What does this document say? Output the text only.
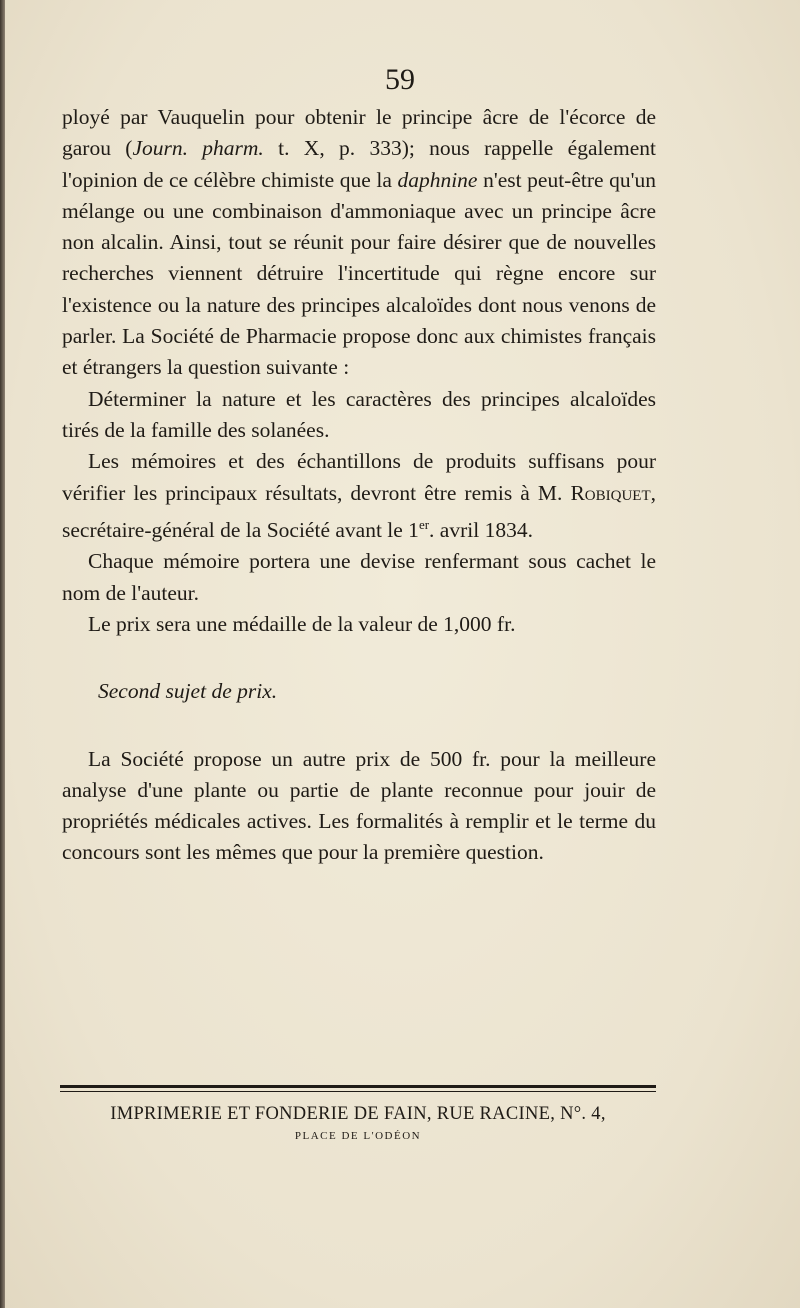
59

ployé par Vauquelin pour obtenir le principe âcre de l'écorce de garou (Journ. pharm. t. X, p. 333); nous rappelle également l'opinion de ce célèbre chimiste que la daphnine n'est peut-être qu'un mélange ou une combinaison d'ammoniaque avec un principe âcre non alcalin. Ainsi, tout se réunit pour faire désirer que de nouvelles recherches viennent détruire l'incertitude qui règne encore sur l'existence ou la nature des principes alcaloïdes dont nous venons de parler. La Société de Pharmacie propose donc aux chimistes français et étrangers la question suivante :

Déterminer la nature et les caractères des principes alcaloïdes tirés de la famille des solanées.

Les mémoires et des échantillons de produits suffisans pour vérifier les principaux résultats, devront être remis à M. Robiquet, secrétaire-général de la Société avant le 1er. avril 1834.

Chaque mémoire portera une devise renfermant sous cachet le nom de l'auteur.

Le prix sera une médaille de la valeur de 1,000 fr.

Second sujet de prix.

La Société propose un autre prix de 500 fr. pour la meilleure analyse d'une plante ou partie de plante reconnue pour jouir de propriétés médicales actives. Les formalités à remplir et le terme du concours sont les mêmes que pour la première question.

IMPRIMERIE ET FONDERIE DE FAIN, RUE RACINE, N°. 4,
PLACE DE L'ODÉON
